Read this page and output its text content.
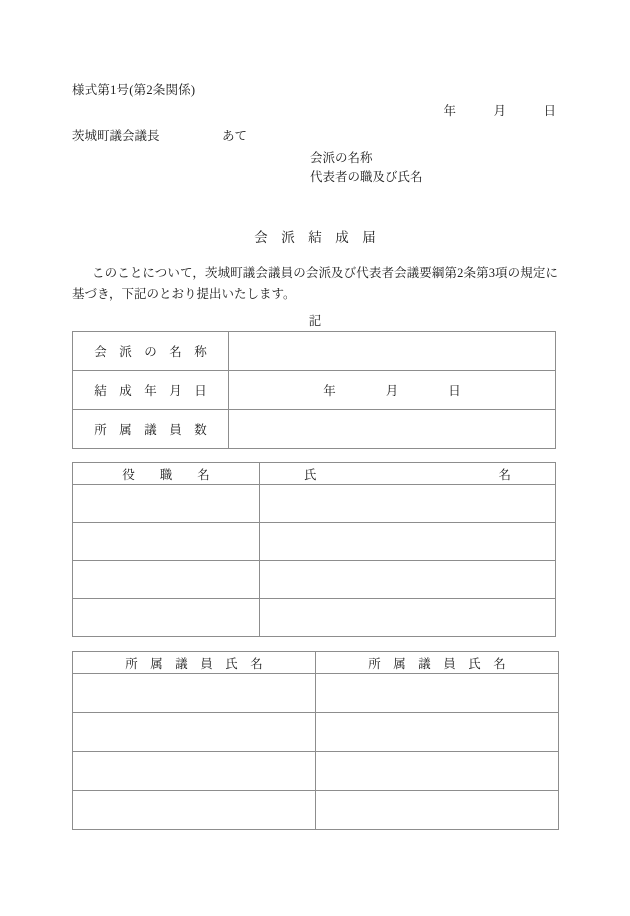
様式第1号(第2条関係)
年　　　月　　　日
茨城町議会議長　　　　　あて
会派の名称
代表者の職及び氏名
会　派　結　成　届
このことについて，茨城町議会議員の会派及び代表者会議要綱第2条第3項の規定に基づき，下記のとおり提出いたします。
記
会　派　の　名　称	
結　成　年　月　日	年　　　　月　　　　日
所　属　議　員　数	
役　　職　　名	氏 名

所　属　議　員　氏　名	所　属　議　員　氏　名
